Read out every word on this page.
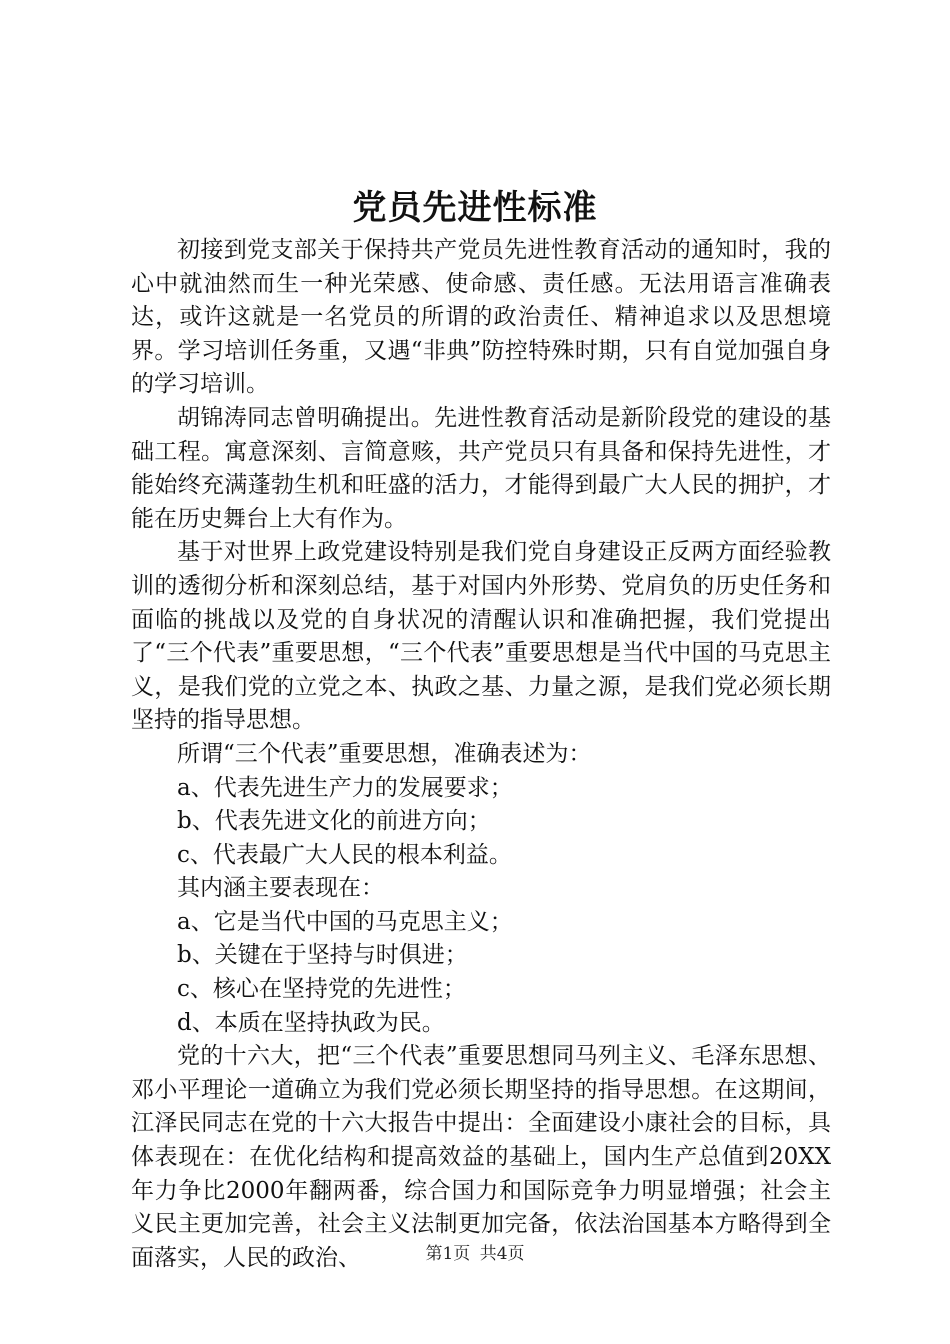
党员先进性标准

初接到党支部关于保持共产党员先进性教育活动的通知时，我的心中就油然而生一种光荣感、使命感、责任感。无法用语言准确表达，或许这就是一名党员的所谓的政治责任、精神追求以及思想境界。学习培训任务重，又遇“非典”防控特殊时期，只有自觉加强自身的学习培训。

胡锦涛同志曾明确提出。先进性教育活动是新阶段党的建设的基础工程。寓意深刻、言简意赅，共产党员只有具备和保持先进性，才能始终充满蓬勃生机和旺盛的活力，才能得到最广大人民的拥护，才能在历史舞台上大有作为。

基于对世界上政党建设特别是我们党自身建设正反两方面经验教训的透彻分析和深刻总结，基于对国内外形势、党肩负的历史任务和面临的挑战以及党的自身状况的清醒认识和准确把握，我们党提出了“三个代表”重要思想，“三个代表”重要思想是当代中国的马克思主义，是我们党的立党之本、执政之基、力量之源，是我们党必须长期坚持的指导思想。

所谓“三个代表”重要思想，准确表述为：

a、代表先进生产力的发展要求；

b、代表先进文化的前进方向；

c、代表最广大人民的根本利益。

其内涵主要表现在：

a、它是当代中国的马克思主义；

b、关键在于坚持与时俱进；

c、核心在坚持党的先进性；

d、本质在坚持执政为民。

党的十六大，把“三个代表”重要思想同马列主义、毛泽东思想、邓小平理论一道确立为我们党必须长期坚持的指导思想。在这期间，江泽民同志在党的十六大报告中提出：全面建设小康社会的目标，具体表现在：在优化结构和提高效益的基础上，国内生产总值到20XX年力争比2000年翻两番，综合国力和国际竞争力明显增强；社会主义民主更加完善，社会主义法制更加完备，依法治国基本方略得到全面落实，人民的政治、	第1页 共4页
